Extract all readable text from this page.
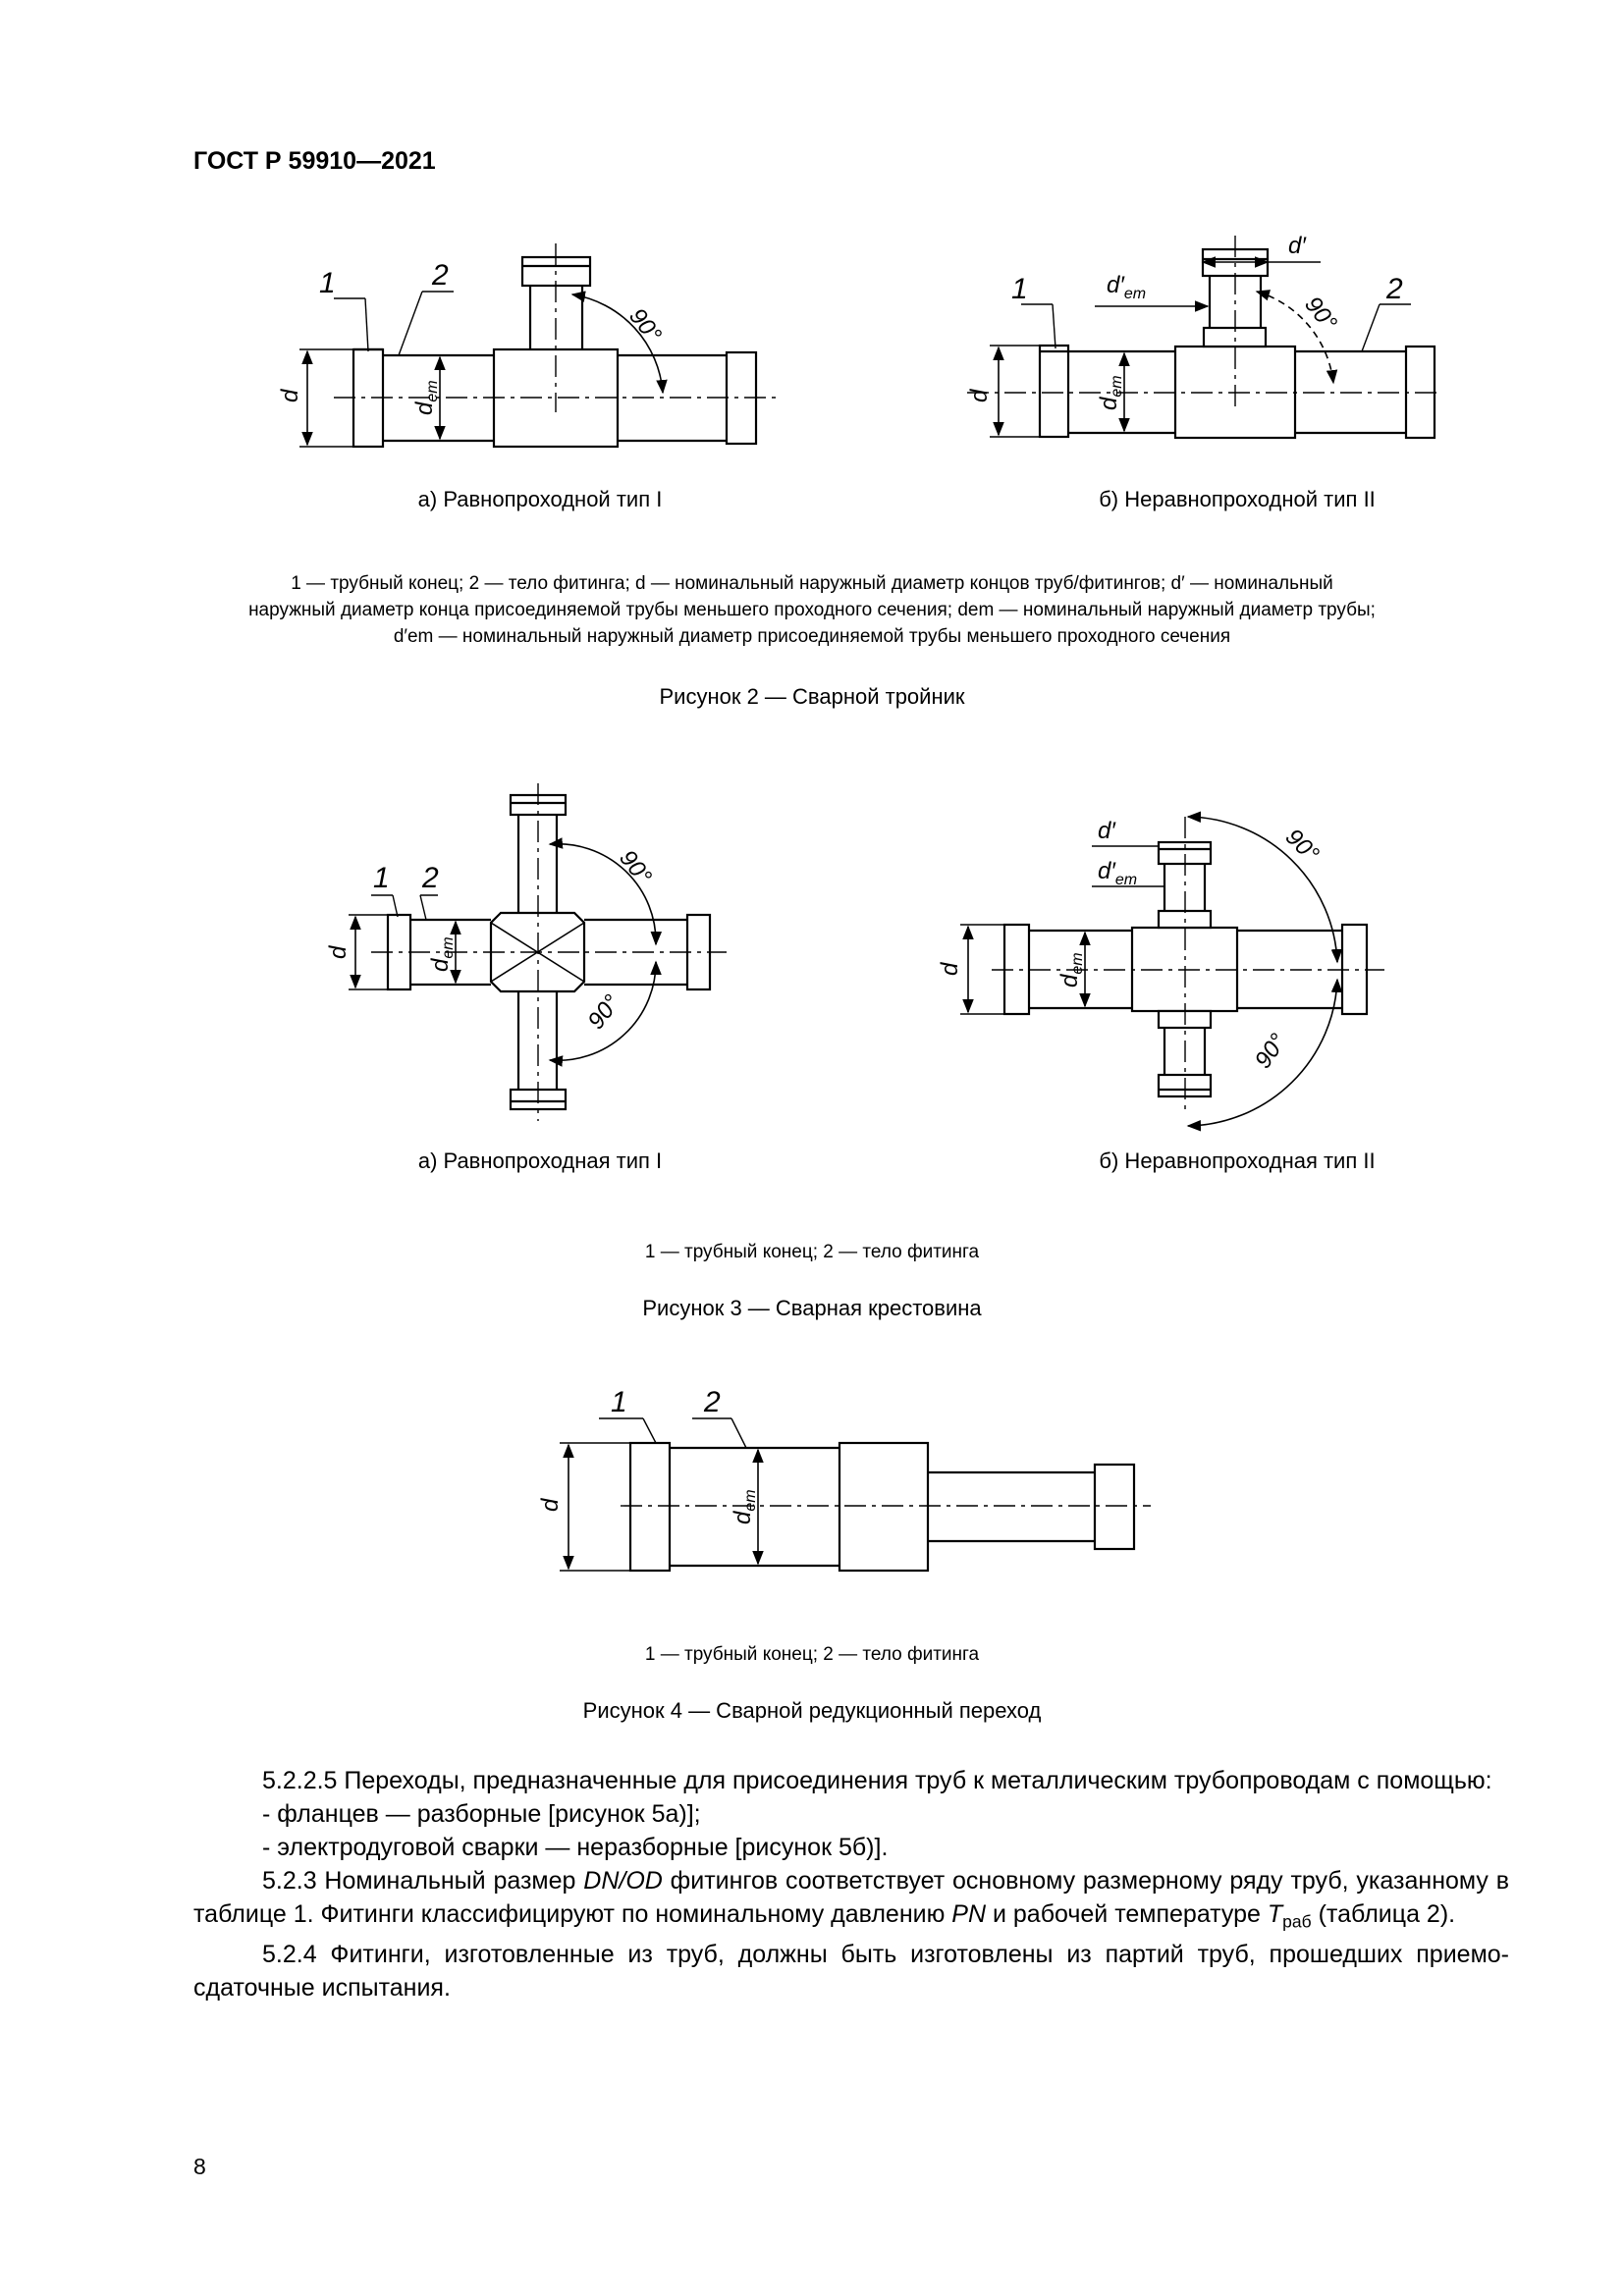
ГОСТ Р 59910—2021
1	2
d
$d_{em}$
90°
1	2
d
$d_{em}$
d′
$d'_{em}$	90°
а) Равнопроходной тип I	б) Неравнопроходной тип II
1 — трубный конец; 2 — тело фитинга; d — номинальный наружный диаметр концов труб/фитингов; d′ — номинальный
наружный диаметр конца присоединяемой трубы меньшего проходного сечения; dem — номинальный наружный диаметр трубы;
d′em — номинальный наружный диаметр присоединяемой трубы меньшего проходного сечения
Рисунок 2 — Сварной тройник
1 2
d
$d_{em}$
90°
90°
d
$d_{em}$
d′
$d'_{em}$
90°
90°
а) Равнопроходная тип I	б) Неравнопроходная тип II
1 — трубный конец; 2 — тело фитинга
Рисунок 3 — Сварная крестовина
1	2
d
$d_{em}$
1 — трубный конец; 2 — тело фитинга
Рисунок 4 — Сварной редукционный переход
5.2.2.5 Переходы, предназначенные для присоединения труб к металлическим трубопроводам с помощью:
- фланцев — разборные [рисунок 5а)];
- электродуговой сварки — неразборные [рисунок 5б)].
5.2.3 Номинальный размер DN/OD фитингов соответствует основному размерному ряду труб, указанному в таблице 1. Фитинги классифицируют по номинальному давлению PN и рабочей температуре $T_{раб}$ (таблица 2).
5.2.4 Фитинги, изготовленные из труб, должны быть изготовлены из партий труб, прошедших приемо-сдаточные испытания.
8
